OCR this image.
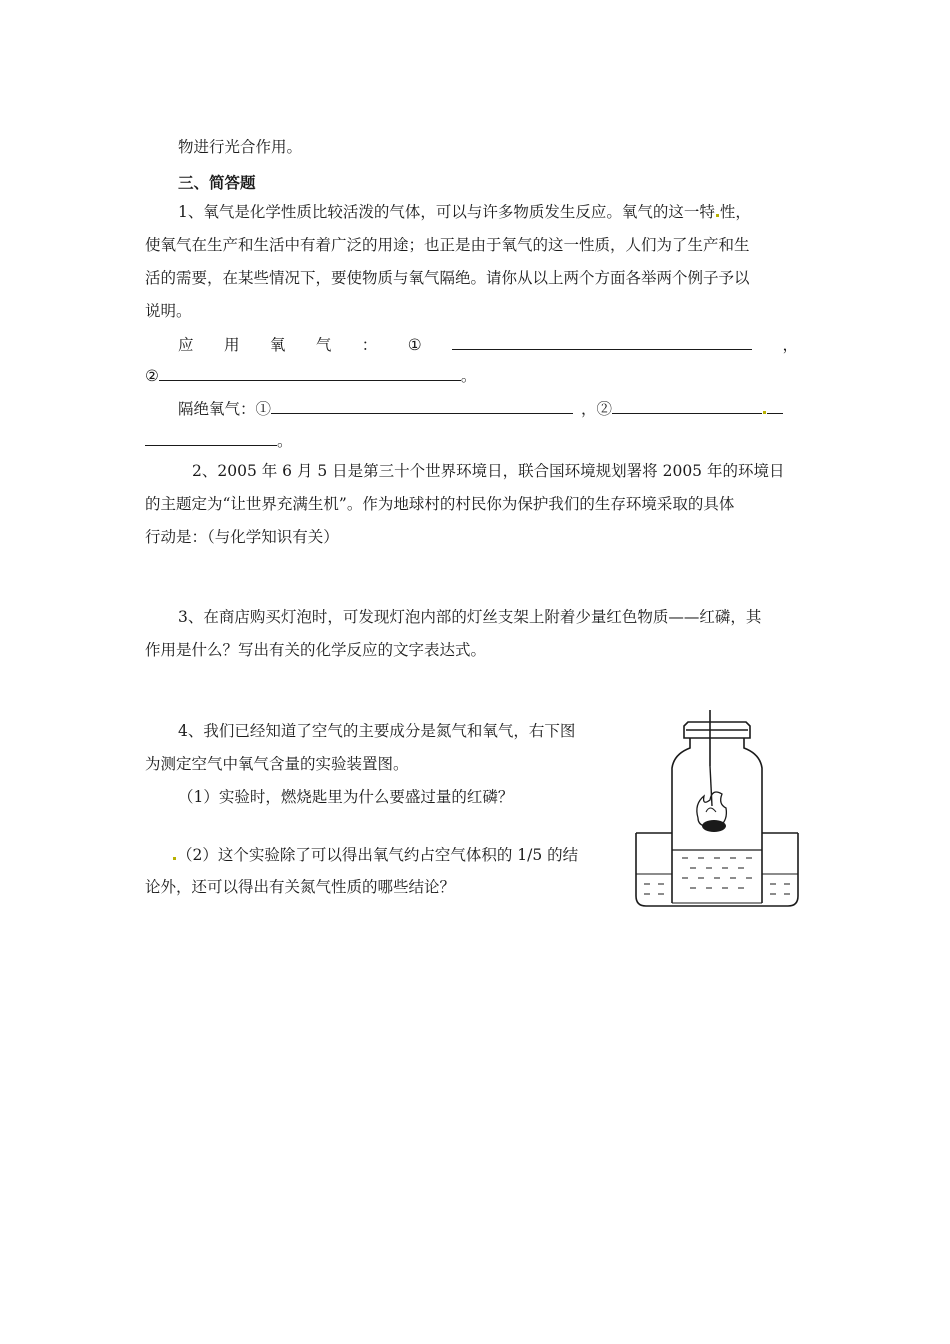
物进行光合作用。
三、简答题
1、氧气是化学性质比较活泼的气体，可以与许多物质发生反应。氧气的这一特 性，
使氧气在生产和生活中有着广泛的用途；也正是由于氧气的这一性质，人们为了生产和生
活的需要，在某些情况下，要使物质与氧气隔绝。请你从以上两个方面各举两个例子予以
说明。
应 用 氧 气 ： ①	，
②	。
隔绝氧气：①	，②
。
2、2005 年 6 月 5 日是第三十个世界环境日，联合国环境规划署将 2005 年的环境日
的主题定为“让世界充满生机”。作为地球村的村民你为保护我们的生存环境采取的具体
行动是：（与化学知识有关）
3、在商店购买灯泡时，可发现灯泡内部的灯丝支架上附着少量红色物质——红磷，其
作用是什么？写出有关的化学反应的文字表达式。
4、我们已经知道了空气的主要成分是氮气和氧气，右下图
为测定空气中氧气含量的实验装置图。
（1）实验时，燃烧匙里为什么要盛过量的红磷？
（2）这个实验除了可以得出氧气约占空气体积的 1/5 的结
论外，还可以得出有关氮气性质的哪些结论？
